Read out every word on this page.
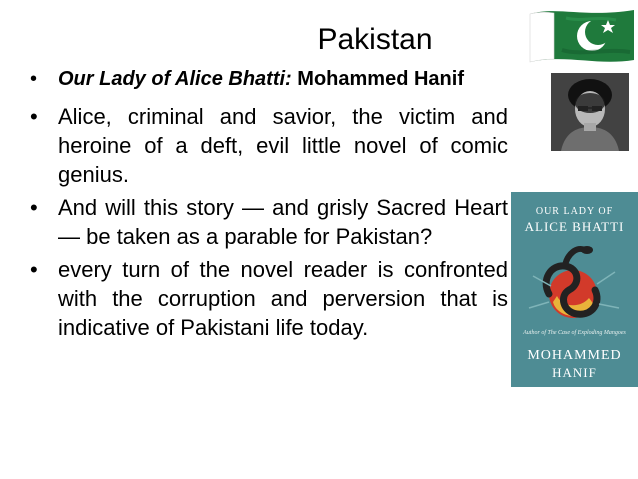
Pakistan
• Our Lady of Alice Bhatti: Mohammed Hanif
• Alice, criminal and savior, the victim and heroine of a deft, evil little novel of comic genius.
• And will this story — and grisly Sacred Heart — be taken as a parable for Pakistan?
• every turn of the novel reader is confronted with the corruption and perversion that is indicative of Pakistani life today.
OUR LADY OF
ALICE BHATTI
Author of The Case of Exploding Mangoes
MOHAMMED
HANIF
